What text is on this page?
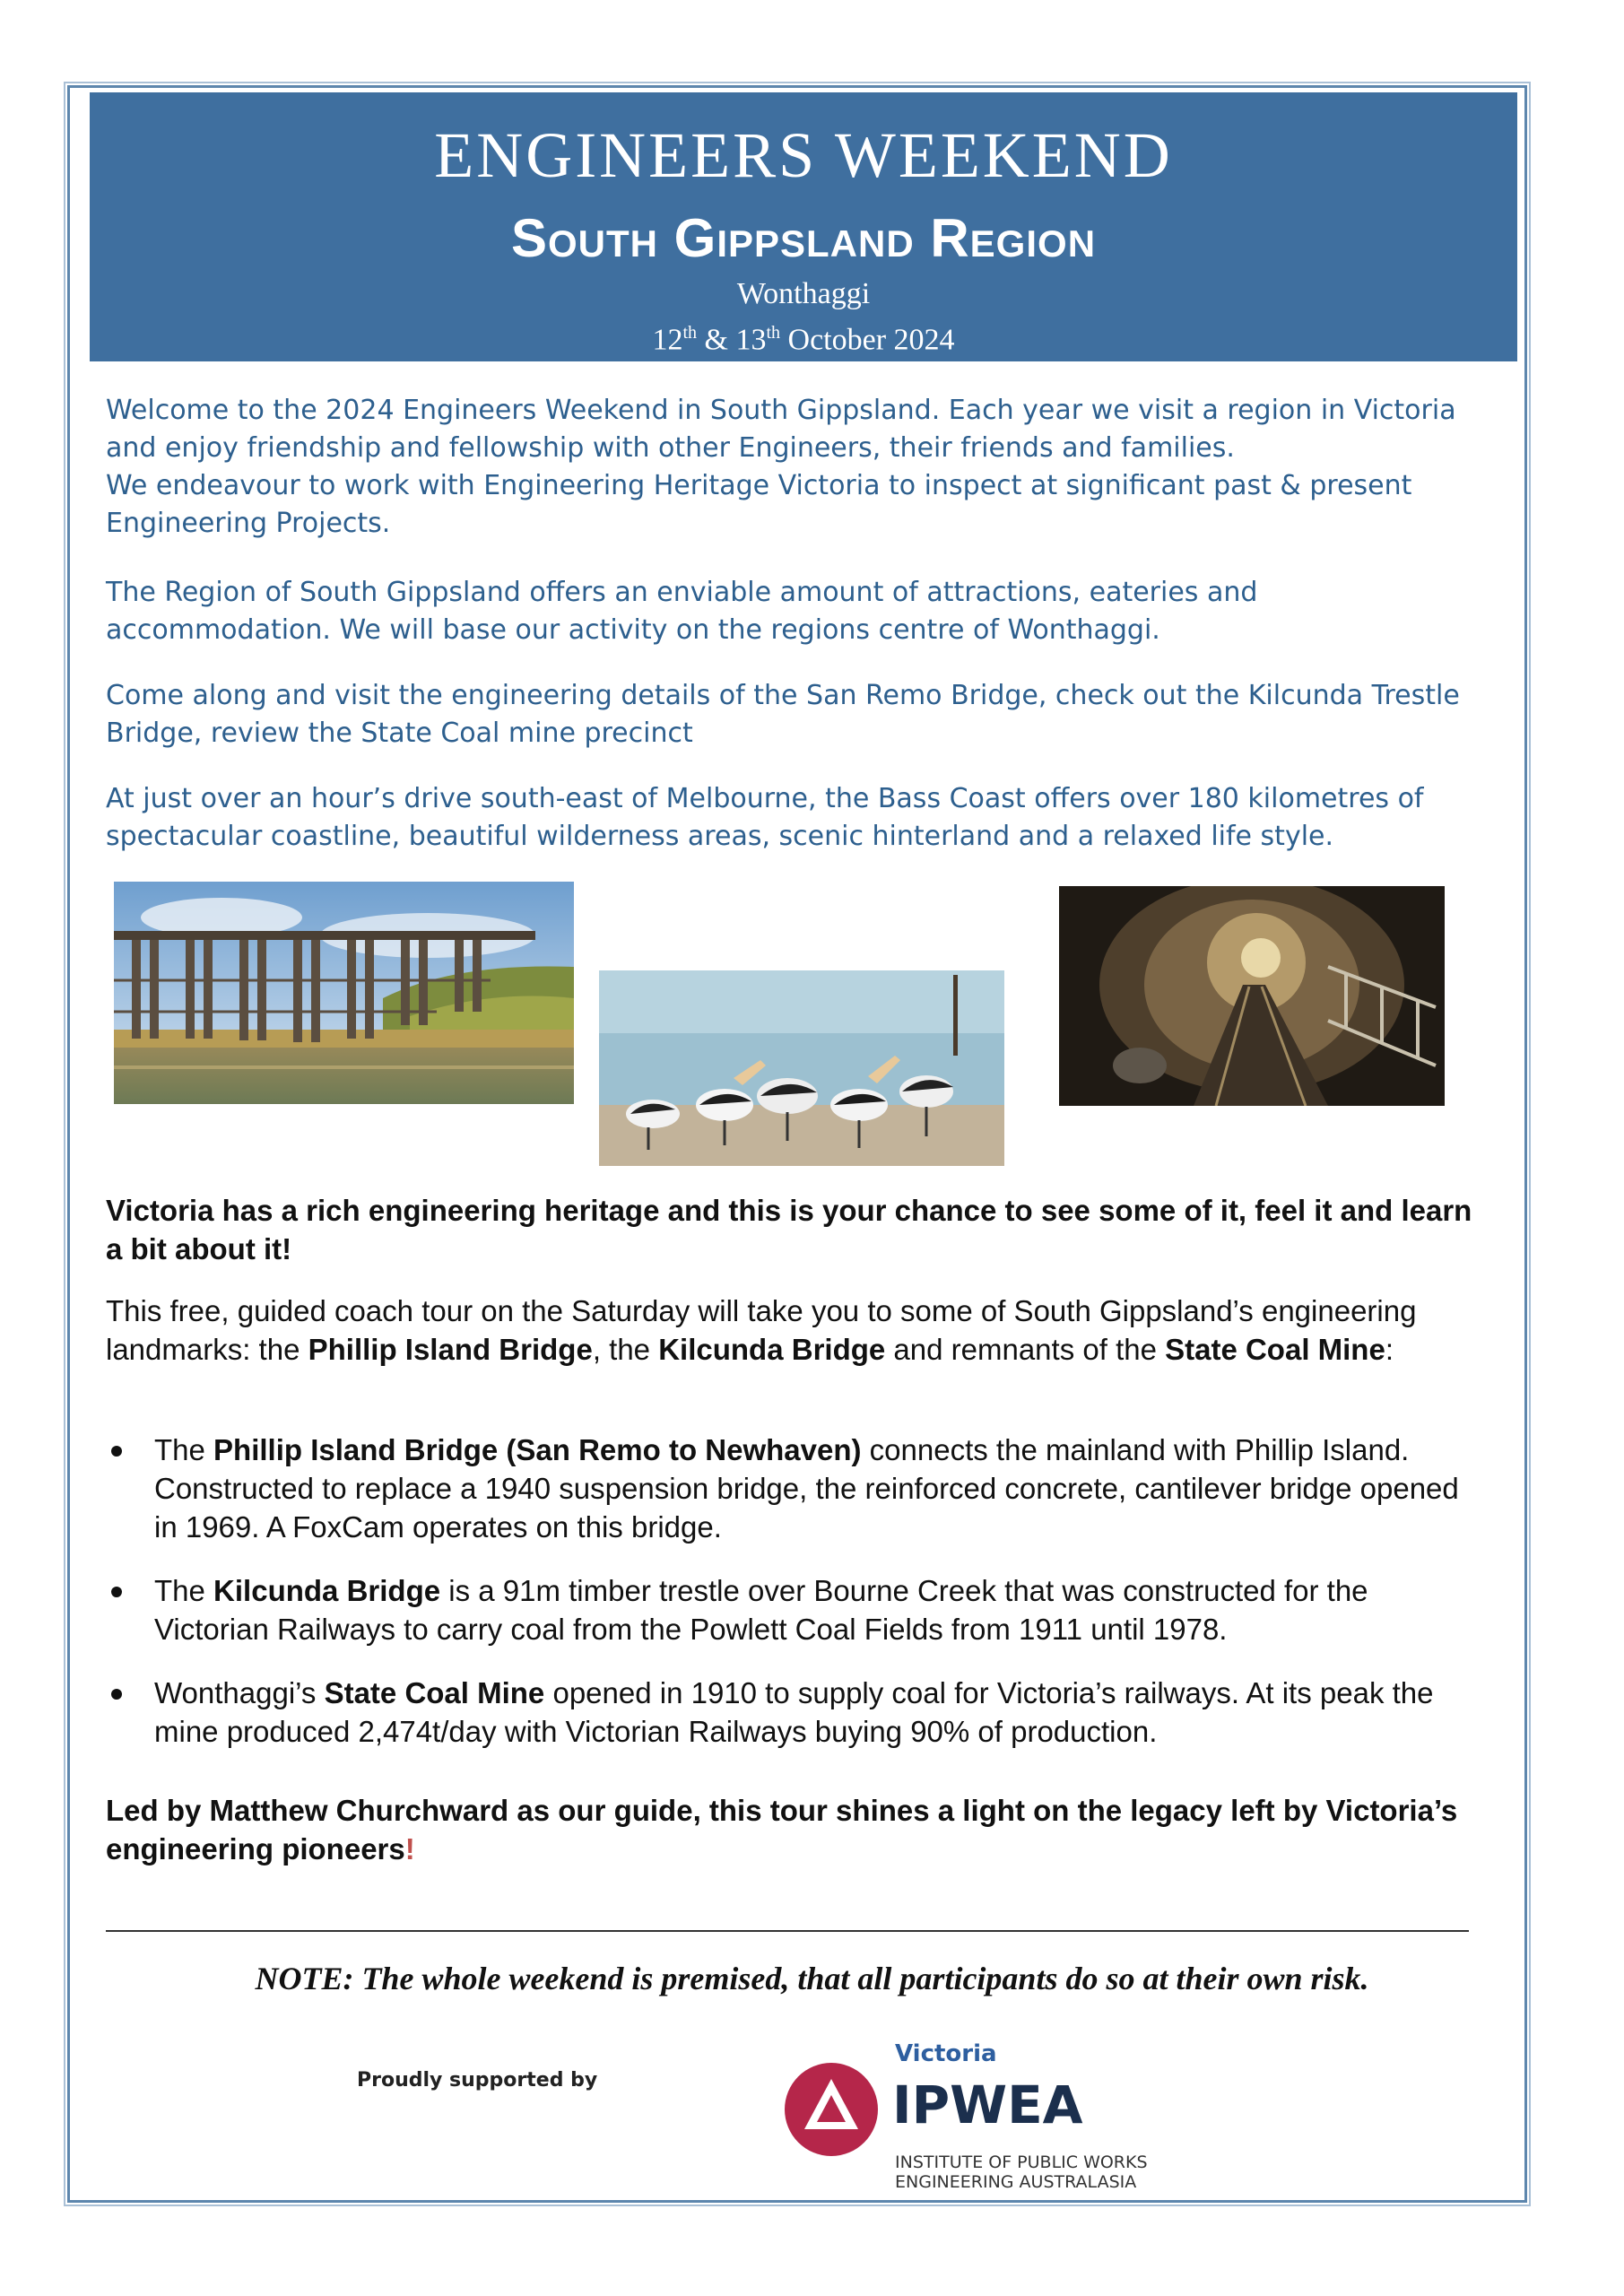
ENGINEERS WEEKEND
South Gippsland Region
Wonthaggi
12th & 13th October 2024

Welcome to the 2024 Engineers Weekend in South Gippsland. Each year we visit a region in Victoria and enjoy friendship and fellowship with other Engineers, their friends and families.

We endeavour to work with Engineering Heritage Victoria to inspect at significant past & present Engineering Projects.

The Region of South Gippsland offers an enviable amount of attractions, eateries and accommodation. We will base our activity on the regions centre of Wonthaggi.

Come along and visit the engineering details of the San Remo Bridge, check out the Kilcunda Trestle Bridge, review the State Coal mine precinct

At just over an hour’s drive south-east of Melbourne, the Bass Coast offers over 180 kilometres of spectacular coastline, beautiful wilderness areas, scenic hinterland and a relaxed life style.

Victoria has a rich engineering heritage and this is your chance to see some of it, feel it and learn a bit about it!

This free, guided coach tour on the Saturday will take you to some of South Gippsland’s engineering landmarks: the Phillip Island Bridge, the Kilcunda Bridge and remnants of the State Coal Mine:

The Phillip Island Bridge (San Remo to Newhaven) connects the mainland with Phillip Island. Constructed to replace a 1940 suspension bridge, the reinforced concrete, cantilever bridge opened in 1969. A FoxCam operates on this bridge.
The Kilcunda Bridge is a 91m timber trestle over Bourne Creek that was constructed for the Victorian Railways to carry coal from the Powlett Coal Fields from 1911 until 1978.
Wonthaggi’s State Coal Mine opened in 1910 to supply coal for Victoria’s railways. At its peak the mine produced 2,474t/day with Victorian Railways buying 90% of production.

Led by Matthew Churchward as our guide, this tour shines a light on the legacy left by Victoria’s engineering pioneers!

NOTE: The whole weekend is premised, that all participants do so at their own risk.
Proudly supported by
Victoria
IPWEA
INSTITUTE OF PUBLIC WORKS
ENGINEERING AUSTRALASIA
